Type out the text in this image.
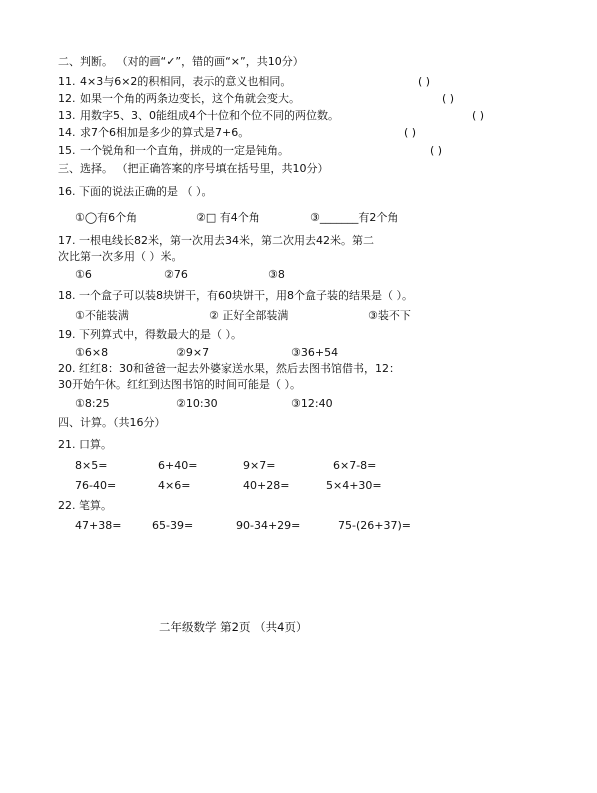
二、判断。 （对的画“✓”，错的画“×”，共10分）
11. 4×3与6×2的积相同，表示的意义也相同。	( )
12. 如果一个角的两条边变长，这个角就会变大。	( )
13. 用数字5、3、0能组成4个十位和个位不同的两位数。	( )
14. 求7个6相加是多少的算式是7+6。	( )
15. 一个锐角和一个直角，拼成的一定是钝角。	( )
三、选择。 （把正确答案的序号填在括号里，共10分）
16. 下面的说法正确的是 （ ）。
①◯有6个角	②□ 有4个角	③_______有2个角
17. 一根电线长82米，第一次用去34米，第二次用去42米。第二
次比第一次多用（ ）米。
①6	②76	③8
18. 一个盒子可以装8块饼干，有60块饼干，用8个盒子装的结果是（ ）。
①不能装满	② 正好全部装满	③装不下
19. 下列算式中，得数最大的是（ ）。
①6×8	②9×7	③36+54
20. 红红8：30和爸爸一起去外婆家送水果，然后去图书馆借书，12：
30开始午休。红红到达图书馆的时间可能是（ ）。
①8:25	②10:30	③12:40
四、计算。（共16分）
21. 口算。
8×5=	6+40=	9×7=	6×7-8=
76-40=	4×6=	40+28=	5×4+30=
22. 笔算。
47+38=	65-39=	90-34+29=	75-(26+37)=
二年级数学 第2页 （共4页）
